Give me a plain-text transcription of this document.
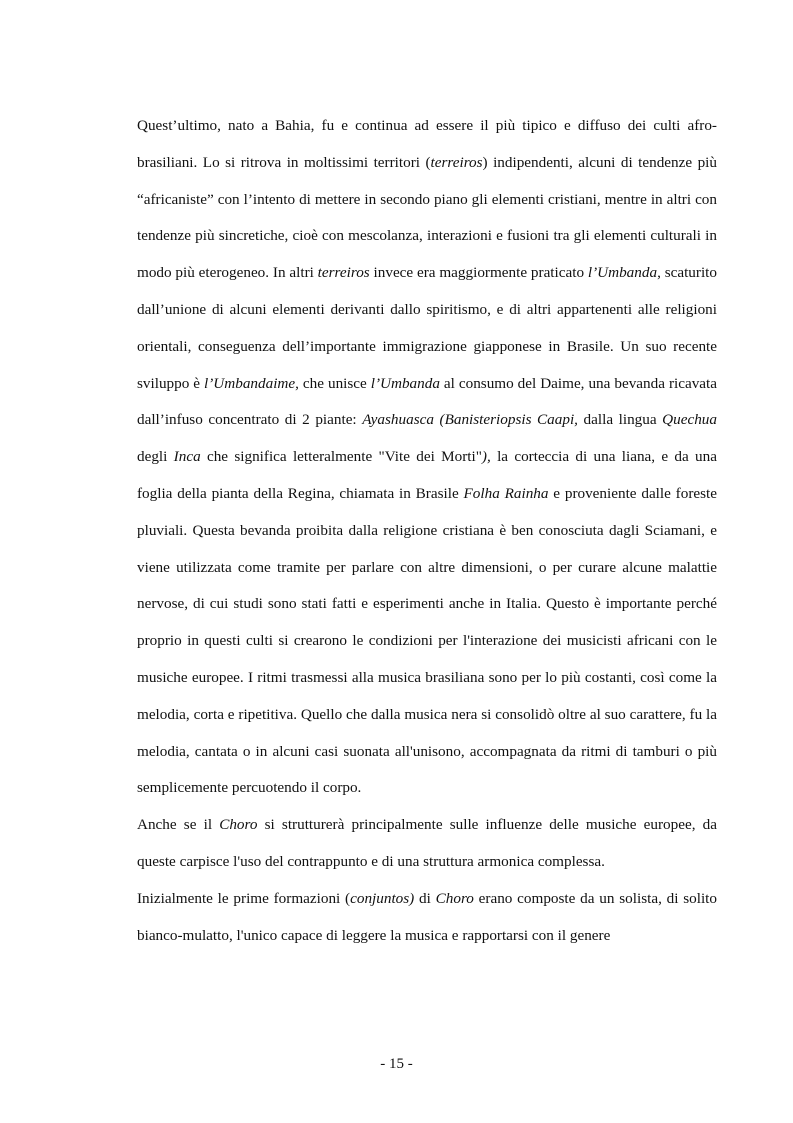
Quest’ultimo, nato a Bahia, fu e continua ad essere il più tipico e diffuso dei culti afro-brasiliani. Lo si ritrova in moltissimi territori (terreiros) indipendenti, alcuni di tendenze più “africaniste” con l’intento di mettere in secondo piano gli elementi cristiani, mentre in altri con tendenze più sincretiche, cioè con mescolanza, interazioni e fusioni tra gli elementi culturali in modo più eterogeneo. In altri terreiros invece era maggiormente praticato l’Umbanda, scaturito dall’unione di alcuni elementi derivanti dallo spiritismo, e di altri appartenenti alle religioni orientali, conseguenza dell’importante immigrazione giapponese in Brasile. Un suo recente sviluppo è l’Umbandaime, che unisce l’Umbanda al consumo del Daime, una bevanda ricavata dall’infuso concentrato di 2 piante: Ayashuasca (Banisteriopsis Caapi, dalla lingua Quechua degli Inca che significa letteralmente "Vite dei Morti"), la corteccia di una liana, e da una foglia della pianta della Regina, chiamata in Brasile Folha Rainha e proveniente dalle foreste pluviali. Questa bevanda proibita dalla religione cristiana è ben conosciuta dagli Sciamani, e viene utilizzata come tramite per parlare con altre dimensioni, o per curare alcune malattie nervose, di cui studi sono stati fatti e esperimenti anche in Italia. Questo è importante perché proprio in questi culti si crearono le condizioni per l'interazione dei musicisti africani con le musiche europee. I ritmi trasmessi alla musica brasiliana sono per lo più costanti, così come la melodia, corta e ripetitiva. Quello che dalla musica nera si consolidò oltre al suo carattere, fu la melodia, cantata o in alcuni casi suonata all'unisono, accompagnata da ritmi di tamburi o più semplicemente percuotendo il corpo.

Anche se il Choro si strutturerà principalmente sulle influenze delle musiche europee, da queste carpisce l'uso del contrappunto e di una struttura armonica complessa.

Inizialmente le prime formazioni (conjuntos) di Choro erano composte da un solista, di solito bianco-mulatto, l'unico capace di leggere la musica e rapportarsi con il genere

- 15 -
